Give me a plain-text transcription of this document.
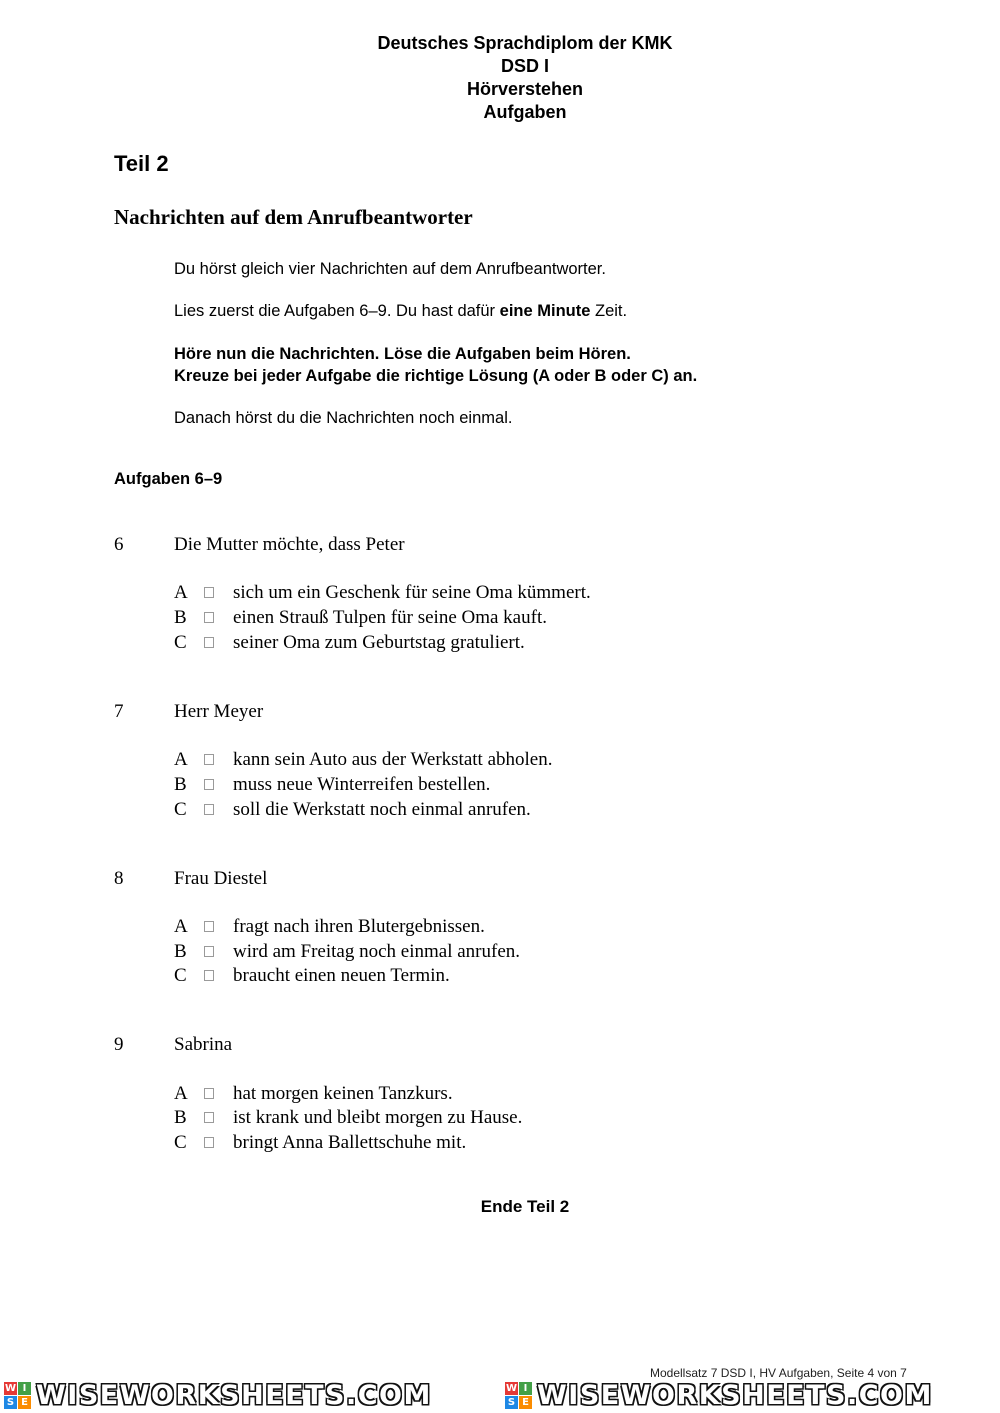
Deutsches Sprachdiplom der KMK
DSD I
Hörverstehen
Aufgaben
Teil 2
Nachrichten auf dem Anrufbeantworter
Du hörst gleich vier Nachrichten auf dem Anrufbeantworter.
Lies zuerst die Aufgaben 6–9. Du hast dafür eine Minute Zeit.
Höre nun die Nachrichten. Löse die Aufgaben beim Hören.
Kreuze bei jeder Aufgabe die richtige Lösung (A oder B oder C) an.
Danach hörst du die Nachrichten noch einmal.
Aufgaben 6–9
6	Die Mutter möchte, dass Peter
A	sich um ein Geschenk für seine Oma kümmert.
B	einen Strauß Tulpen für seine Oma kauft.
C	seiner Oma zum Geburtstag gratuliert.
7	Herr Meyer
A	kann sein Auto aus der Werkstatt abholen.
B	muss neue Winterreifen bestellen.
C	soll die Werkstatt noch einmal anrufen.
8	Frau Diestel
A	fragt nach ihren Blutergebnissen.
B	wird am Freitag noch einmal anrufen.
C	braucht einen neuen Termin.
9	Sabrina
A	hat morgen keinen Tanzkurs.
B	ist krank und bleibt morgen zu Hause.
C	bringt Anna Ballettschuhe mit.
Ende Teil 2
Modellsatz 7 DSD I, HV Aufgaben, Seite 4 von 7
W I
S E WISEWORKSHEETS.COM	W I
S E WISEWORKSHEETS.COM
